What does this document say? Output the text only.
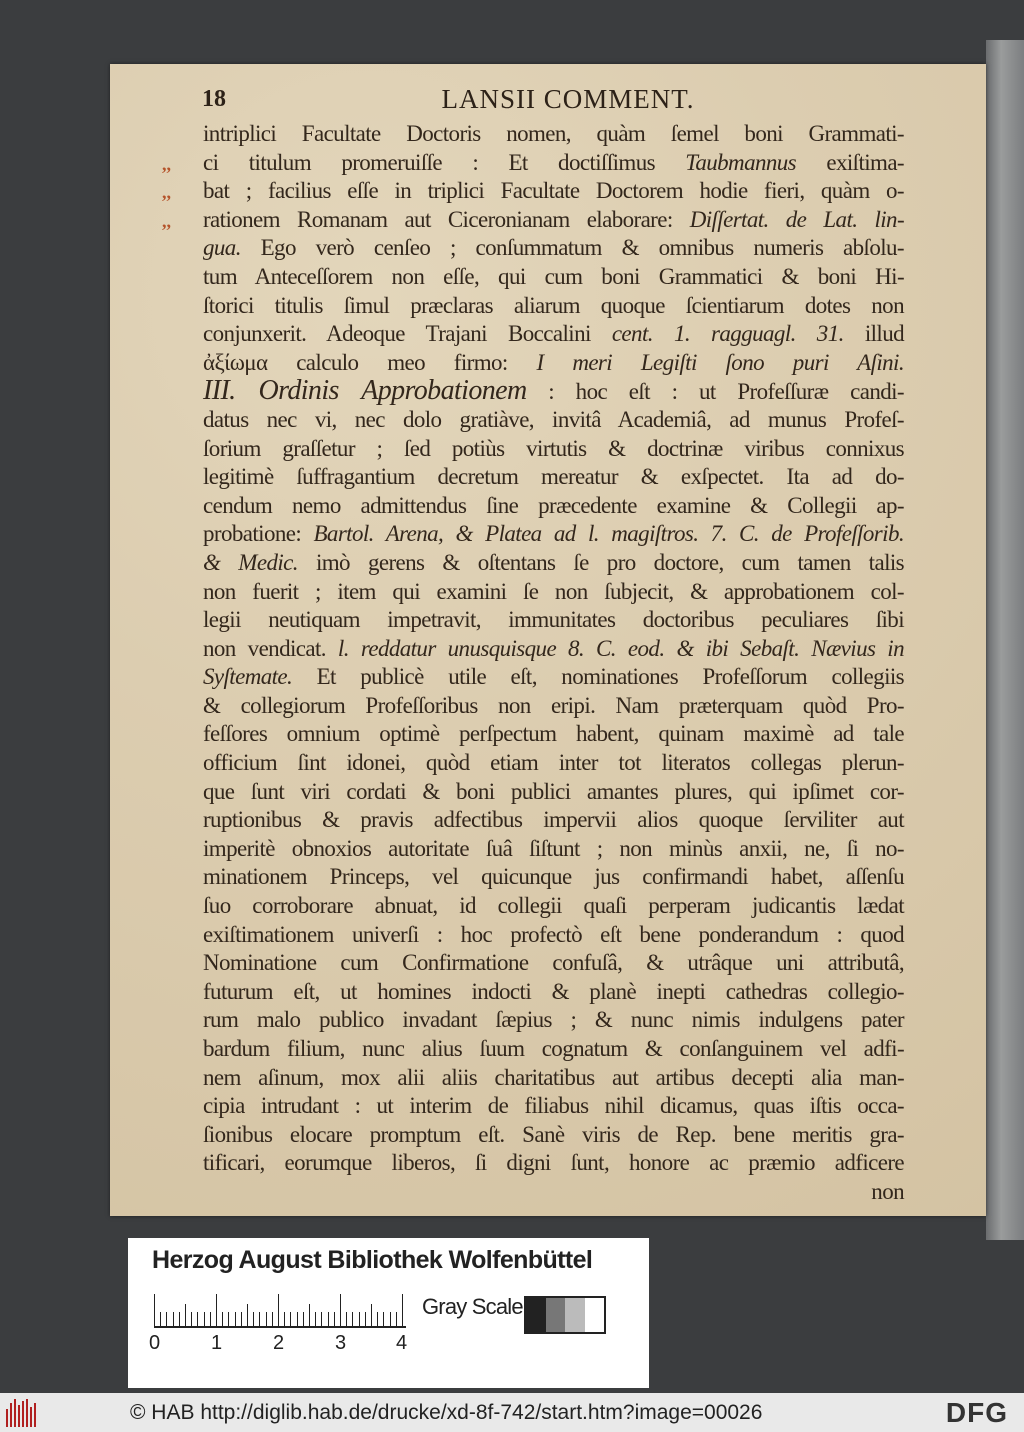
18	LANSII COMMENT.
,,
,,
,,
intriplici Facultate Doctoris nomen, quàm ſemel boni Grammati-
ci titulum promeruiſſe : Et doctiſſimus Taubmannus exiſtima-
bat ; facilius eſſe in triplici Facultate Doctorem hodie fieri, quàm o-
rationem Romanam aut Ciceronianam elaborare: Diſſertat. de Lat. lin-
gua. Ego verò cenſeo ; conſummatum & omnibus numeris abſolu-
tum Anteceſſorem non eſſe, qui cum boni Grammatici & boni Hi-
ſtorici titulis ſimul præclaras aliarum quoque ſcientiarum dotes non
conjunxerit. Adeoque Trajani Boccalini cent. 1. ragguagl. 31. illud
ἀξίωμα calculo meo firmo: I meri Legiſti ſono puri Aſini.
III. Ordinis Approbationem : hoc eſt : ut Profeſſuræ candi-
datus nec vi, nec dolo gratiàve, invitâ Academiâ, ad munus Profeſ-
ſorium graſſetur ; ſed potiùs virtutis & doctrinæ viribus connixus
legitimè ſuffragantium decretum mereatur & exſpectet. Ita ad do-
cendum nemo admittendus ſine præcedente examine & Collegii ap-
probatione: Bartol. Arena, & Platea ad l. magiſtros. 7. C. de Profeſſorib.
& Medic. imò gerens & oſtentans ſe pro doctore, cum tamen talis
non fuerit ; item qui examini ſe non ſubjecit, & approbationem col-
legii neutiquam impetravit, immunitates doctoribus peculiares ſibi
non vendicat. l. reddatur unusquisque 8. C. eod. & ibi Sebaſt. Nævius in
Syſtemate. Et publicè utile eſt, nominationes Profeſſorum collegiis
& collegiorum Profeſſoribus non eripi. Nam præterquam quòd Pro-
feſſores omnium optimè perſpectum habent, quinam maximè ad tale
officium ſint idonei, quòd etiam inter tot literatos collegas plerun-
que ſunt viri cordati & boni publici amantes plures, qui ipſimet cor-
ruptionibus & pravis adfectibus impervii alios quoque ſerviliter aut
imperitè obnoxios autoritate ſuâ ſiſtunt ; non minùs anxii, ne, ſi no-
minationem Princeps, vel quicunque jus confirmandi habet, aſſenſu
ſuo corroborare abnuat, id collegii quaſi perperam judicantis lædat
exiſtimationem univerſi : hoc profectò eſt bene ponderandum : quod
Nominatione cum Confirmatione confuſâ, & utrâque uni attributâ,
futurum eſt, ut homines indocti & planè inepti cathedras collegio-
rum malo publico invadant ſæpius ; & nunc nimis indulgens pater
bardum filium, nunc alius ſuum cognatum & conſanguinem vel adfi-
nem aſinum, mox alii aliis charitatibus aut artibus decepti alia man-
cipia intrudant : ut interim de filiabus nihil dicamus, quas iſtis occa-
ſionibus elocare promptum eſt. Sanè viris de Rep. bene meritis gra-
tificari, eorumque liberos, ſi digni ſunt, honore ac præmio adficere
non
Herzog August Bibliothek Wolfenbüttel
0	1	2	3 4
Gray Scale
© HAB http://diglib.hab.de/drucke/xd-8f-742/start.htm?image=00026	DFG
